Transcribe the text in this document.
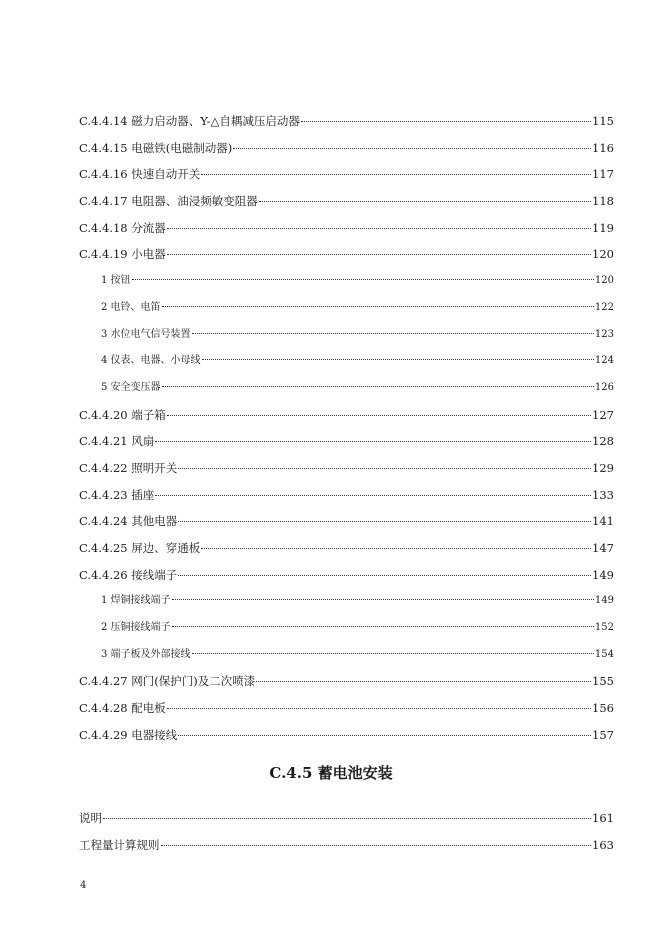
C.4.4.14 磁力启动器、Y-△自耦减压启动器	115
C.4.4.15 电磁铁(电磁制动器)	116
C.4.4.16 快速自动开关	117
C.4.4.17 电阻器、油浸频敏变阻器	118
C.4.4.18 分流器	119
C.4.4.19 小电器	120
1 按钮	120
2 电铃、电笛	122
3 水位电气信号装置	123
4 仪表、电器、小母线	124
5 安全变压器	126
C.4.4.20 端子箱	127
C.4.4.21 风扇	128
C.4.4.22 照明开关	129
C.4.4.23 插座	133
C.4.4.24 其他电器	141
C.4.4.25 屏边、穿通板	147
C.4.4.26 接线端子	149
1 焊铜接线端子	149
2 压铜接线端子	152
3 端子板及外部接线	154
C.4.4.27 网门(保护门)及二次喷漆	155
C.4.4.28 配电板	156
C.4.4.29 电器接线	157
C.4.5 蓄电池安装
说明	161
工程量计算规则	163
4
